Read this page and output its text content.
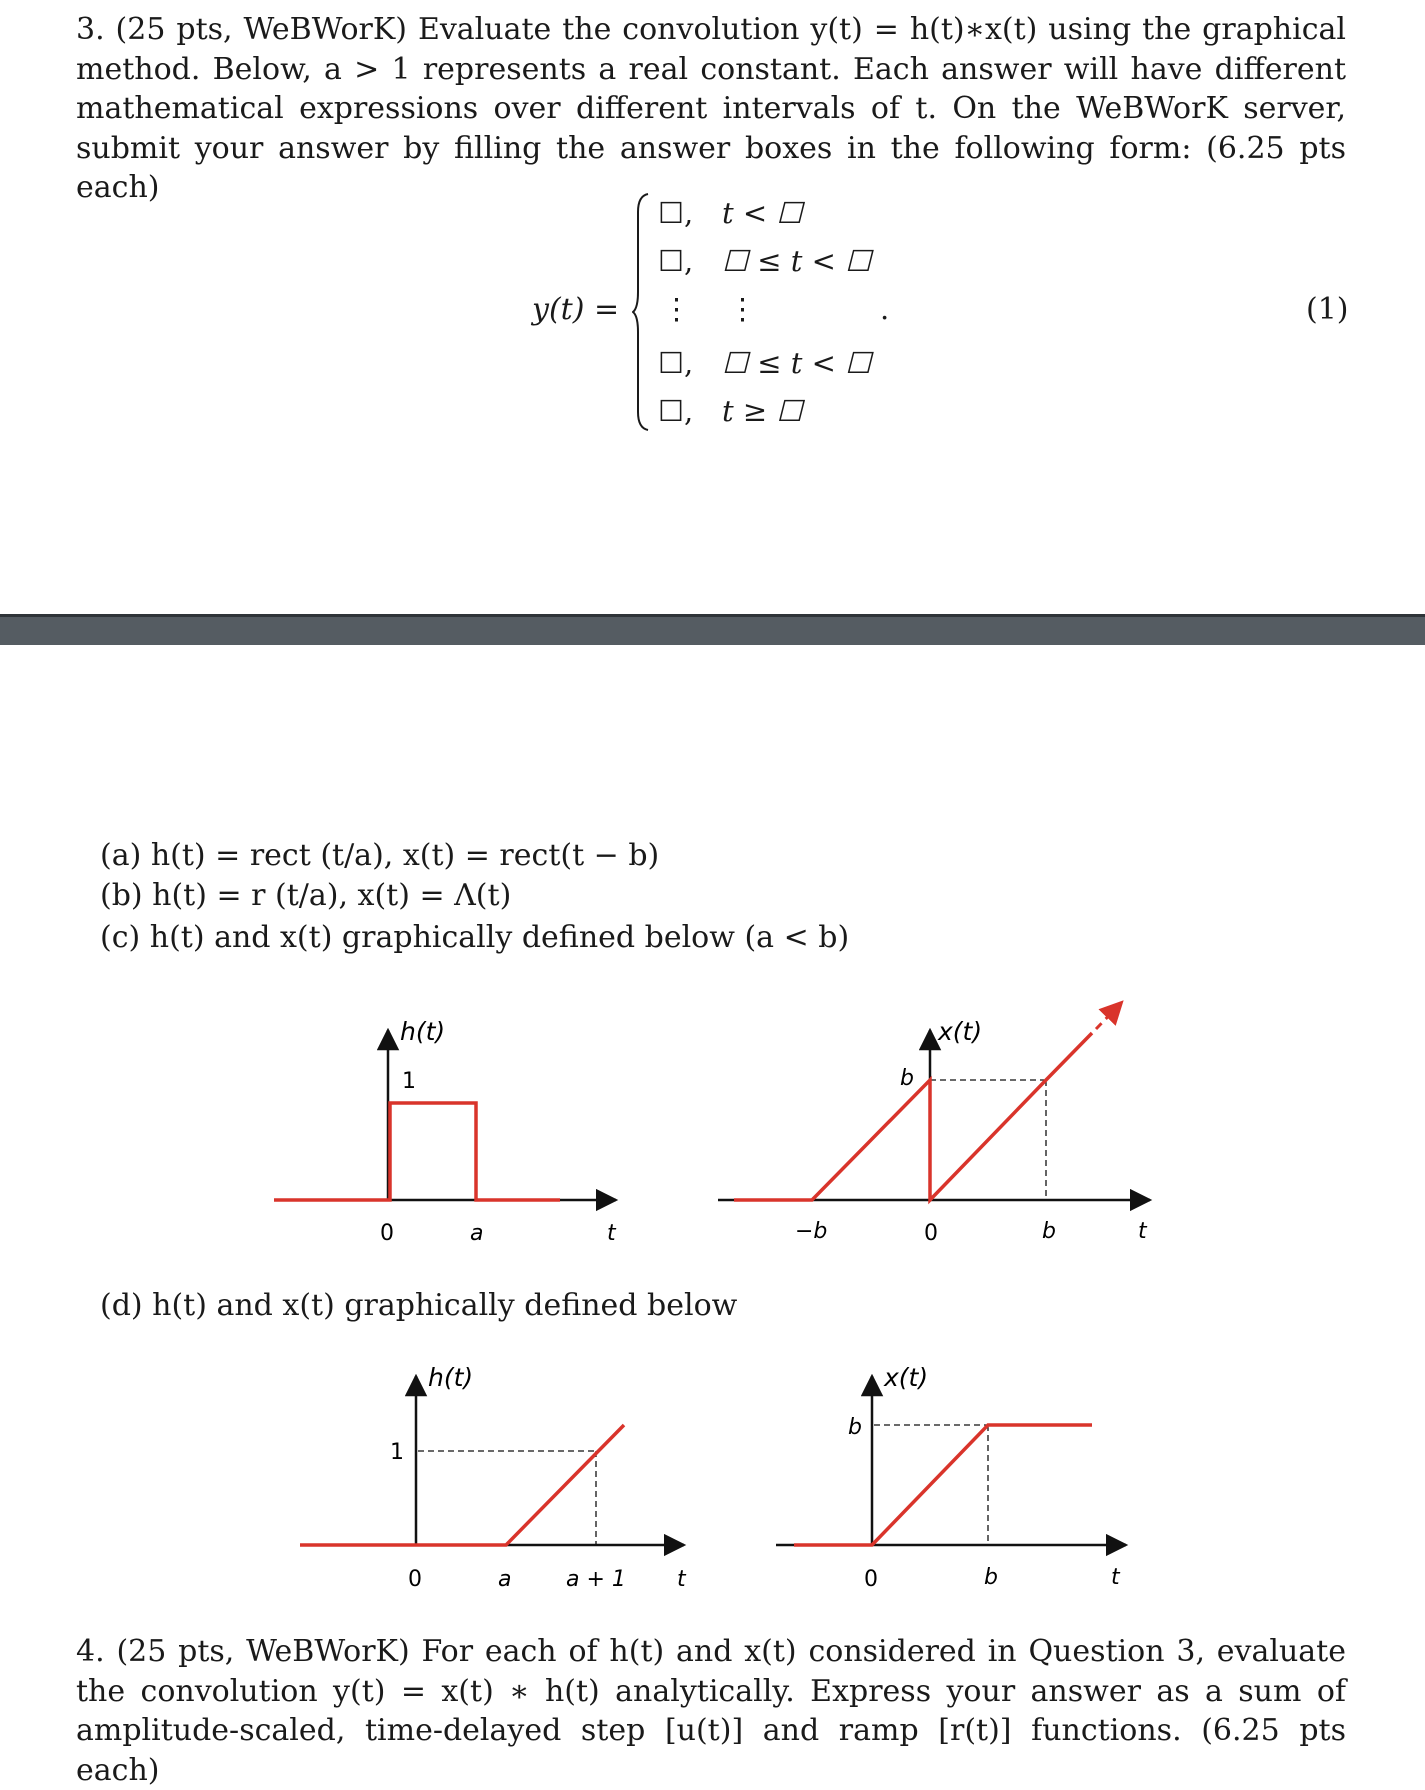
3. (25 pts, WeBWorK) Evaluate the convolution y(t) = h(t)∗x(t) using the graphical method. Below, a > 1 represents a real constant. Each answer will have different mathematical expressions over different intervals of t. On the WeBWorK server, submit your answer by filling the answer boxes in the following form: (6.25 pts each)
y(t) =
☐, t < ☐
☐, ☐ ≤ t < ☐
⋮ ⋮	.
☐, ☐ ≤ t < ☐
☐, t ≥ ☐
(1)
(a) h(t) = rect (t/a), x(t) = rect(t − b)
(b) h(t) = r (t/a), x(t) = Λ(t)
(c) h(t) and x(t) graphically defined below (a < b)
h(t)
1
0	a	t
x(t)
b
−b	0	b	t
h(t)
1
0	a a + 1 t
x(t)
b
0	b	t
(d) h(t) and x(t) graphically defined below
4. (25 pts, WeBWorK) For each of h(t) and x(t) considered in Question 3, evaluate the convolution y(t) = x(t) ∗ h(t) analytically. Express your answer as a sum of amplitude-scaled, time-delayed step [u(t)] and ramp [r(t)] functions. (6.25 pts each)
